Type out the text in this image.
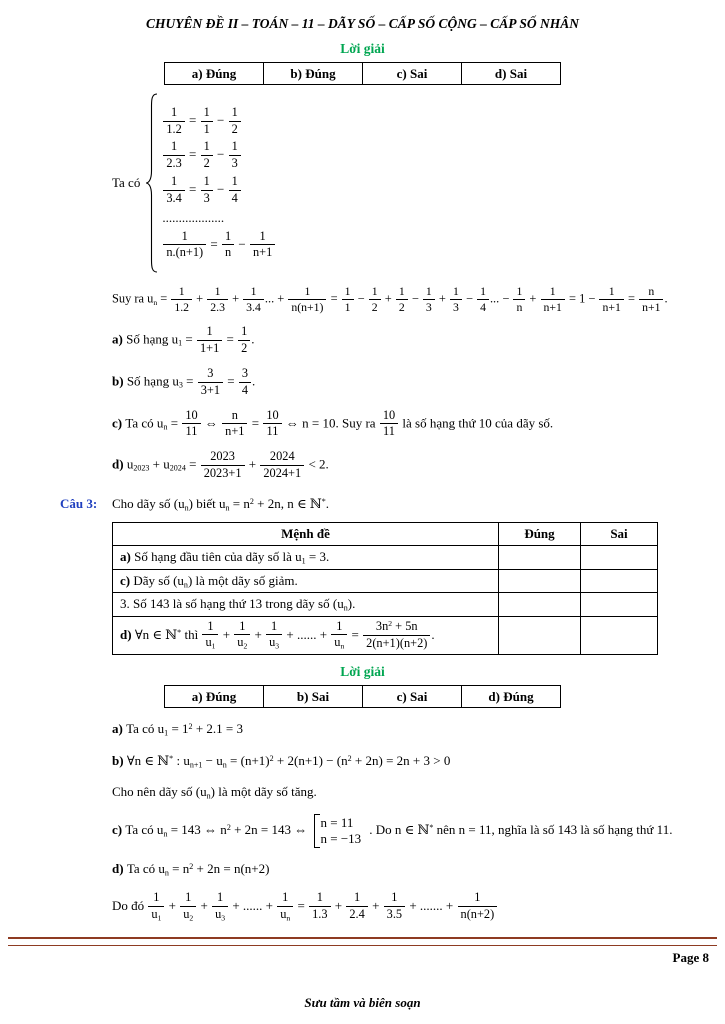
CHUYÊN ĐỀ II – TOÁN – 11 – DÃY SỐ – CẤP SỐ CỘNG – CẤP SỐ NHÂN
Lời giải
a) Đúng	b) Đúng	c) Sai	d) Sai
Ta có
$\frac{1}{1.2} = \frac{1}{1} - \frac{1}{2}$
$\frac{1}{2.3} = \frac{1}{2} - \frac{1}{3}$
$\frac{1}{3.4} = \frac{1}{3} - \frac{1}{4}$
...................
$\frac{1}{n.(n+1)} = \frac{1}{n} - \frac{1}{n+1}$
Suy ra un = $\frac{1}{1.2} + \frac{1}{2.3} + \frac{1}{3.4}$ ... + $\frac{1}{n(n+1)} = \frac{1}{1} - \frac{1}{2} + \frac{1}{2} - \frac{1}{3} + \frac{1}{3} - \frac{1}{4}$ ... − $\frac{1}{n} + \frac{1}{n+1} = 1 - \frac{1}{n+1} = \frac{n}{n+1}$ .
a) Số hạng $u1 = \frac{1}{1+1} = \frac{1}{2}$ .
b) Số hạng $u3 = \frac{3}{3+1} = \frac{3}{4}$ .
c) Ta có un = $\frac{10}{11}$ ⇔ $\frac{n}{n+1} = \frac{10}{11}$ ⇔ n = 10. Suy ra $\frac{10}{11}$ là số hạng thứ 10 của dãy số.
d) $u2023 + u2024 = \frac{2023}{2023+1} + \frac{2024}{2024+1} < 2$.
Câu 3:	Cho dãy số (un) biết un = $n^2 + 2n$, n ∈ ℕ*.
Mệnh đề	Đúng	Sai
a) Số hạng đầu tiên của dãy số là u1 = 3.		
c) Dãy số (un) là một dãy số giảm.		
3. Số 143 là số hạng thứ 13 trong dãy số (un).		
d) ∀n ∈ ℕ* thì $\frac{1}{u1} + \frac{1}{u2} + \frac{1}{u3}$ + ...... + $\frac{1}{un} = \frac{3n^2 + 5n}{2(n+1)(n+2)}$ .		
Lời giải
a) Đúng	b) Sai	c) Sai	d) Đúng
a) Ta có $u1 = 1^2 + 2.1 = 3$
b) ∀n ∈ ℕ* : un+1 − un = $(n+1)^2 + 2(n+1) - (n^2 + 2n) = 2n + 3 > 0$
Cho nên dãy số (un) là một dãy số tăng.
c) Ta có un = 143 ⇔ $n^2 + 2n = 143$ ⇔ n = 11
n = −13
. Do n ∈ ℕ* nên n = 11, nghĩa là số 143 là số hạng thứ 11.
d) Ta có un = $n^2 + 2n = n(n+2)$
Do đó $\frac{1}{u1} + \frac{1}{u2} + \frac{1}{u3}$ + ...... + $\frac{1}{un} = \frac{1}{1.3} + \frac{1}{2.4} + \frac{1}{3.5}$ + ....... + $\frac{1}{n(n+2)}$
Page 8
Sưu tầm và biên soạn
